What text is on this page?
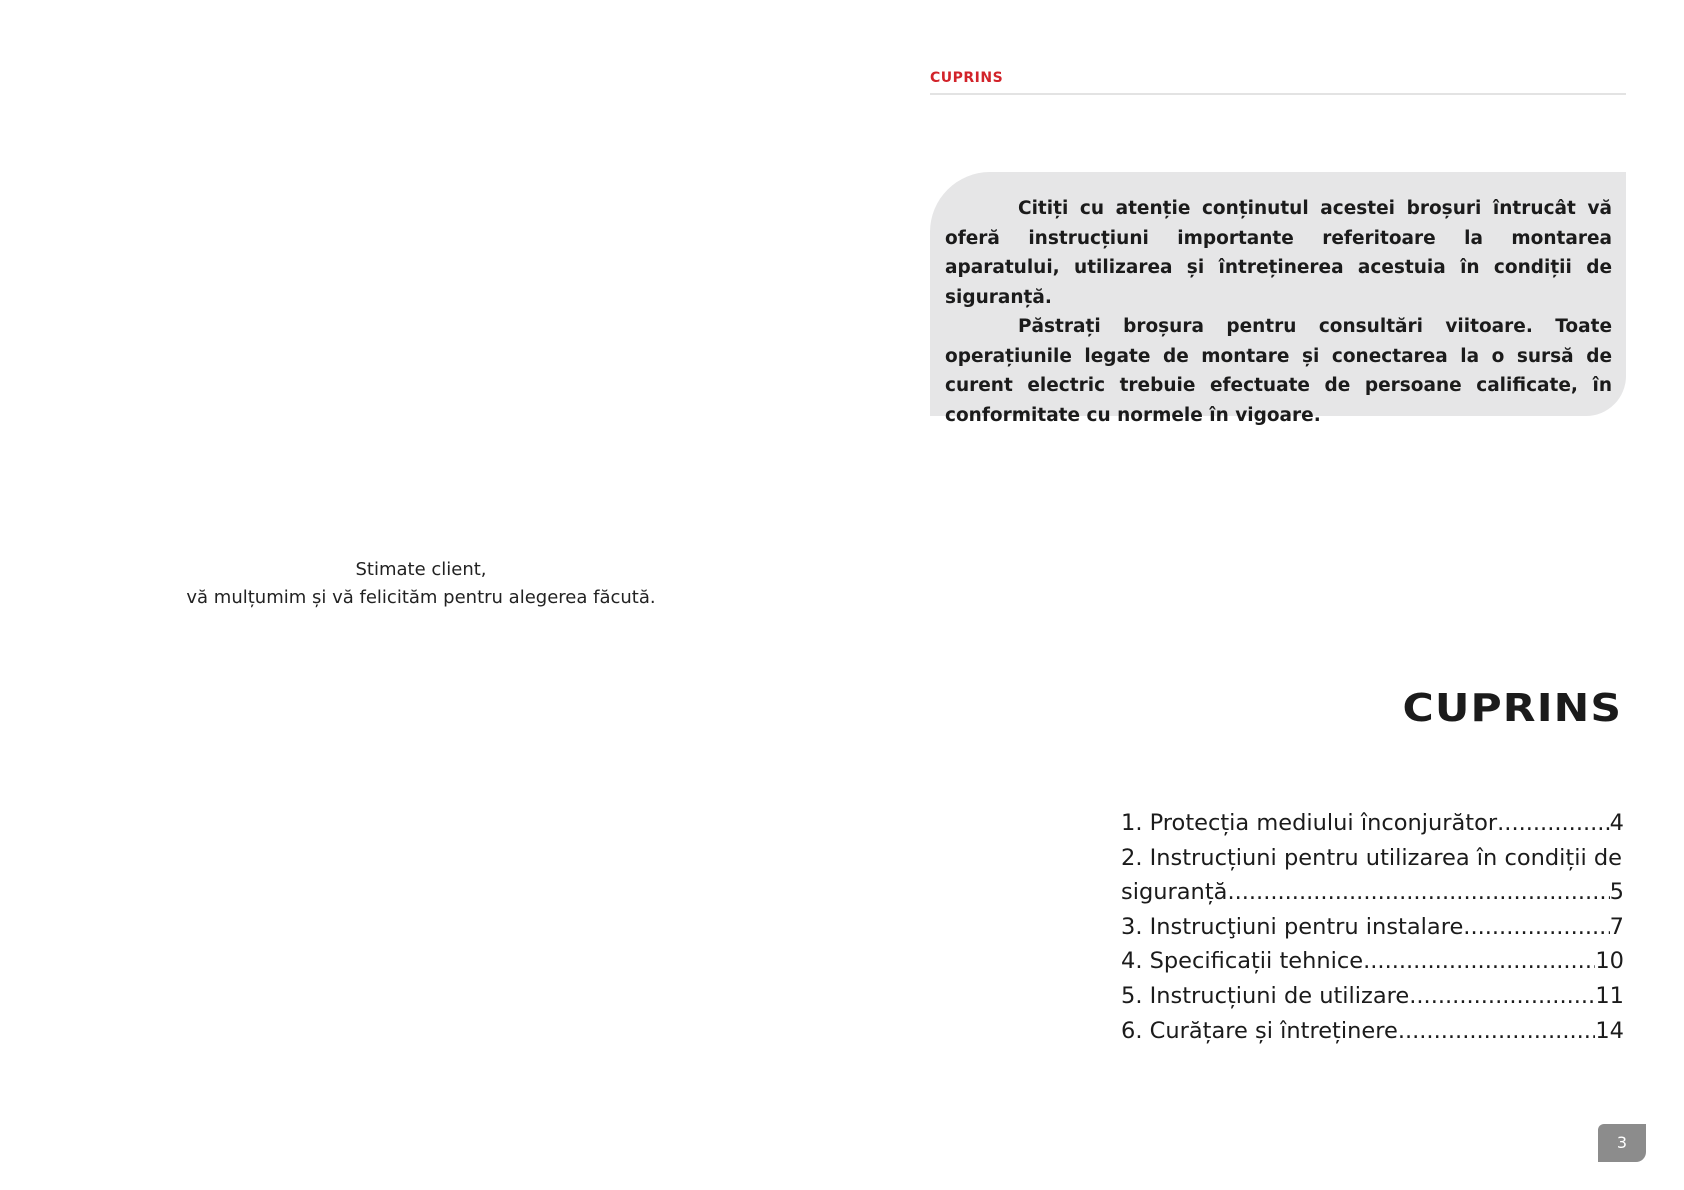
Stimate client,
vă mulțumim și vă felicităm pentru alegerea făcută.
CUPRINS

Citiți cu atenție conținutul acestei broșuri întrucât vă oferă instrucțiuni importante referitoare la montarea aparatului, utilizarea și întreținerea acestuia în condiții de siguranță.

Păstrați broșura pentru consultări viitoare. Toate operațiunile legate de montare și conectarea la o sursă de curent electric trebuie efectuate de persoane calificate, în conformitate cu normele în vigoare.

CUPRINS
1. Protecția mediului înconjurător .....	4
2. Instrucțiuni pentru utilizarea în condiții de
siguranță .....	5
3. Instrucţiuni pentru instalare .....	7
4. Specificații tehnice .....	10
5. Instrucțiuni de utilizare .....	11
6. Curățare și întreținere .....	14
3
